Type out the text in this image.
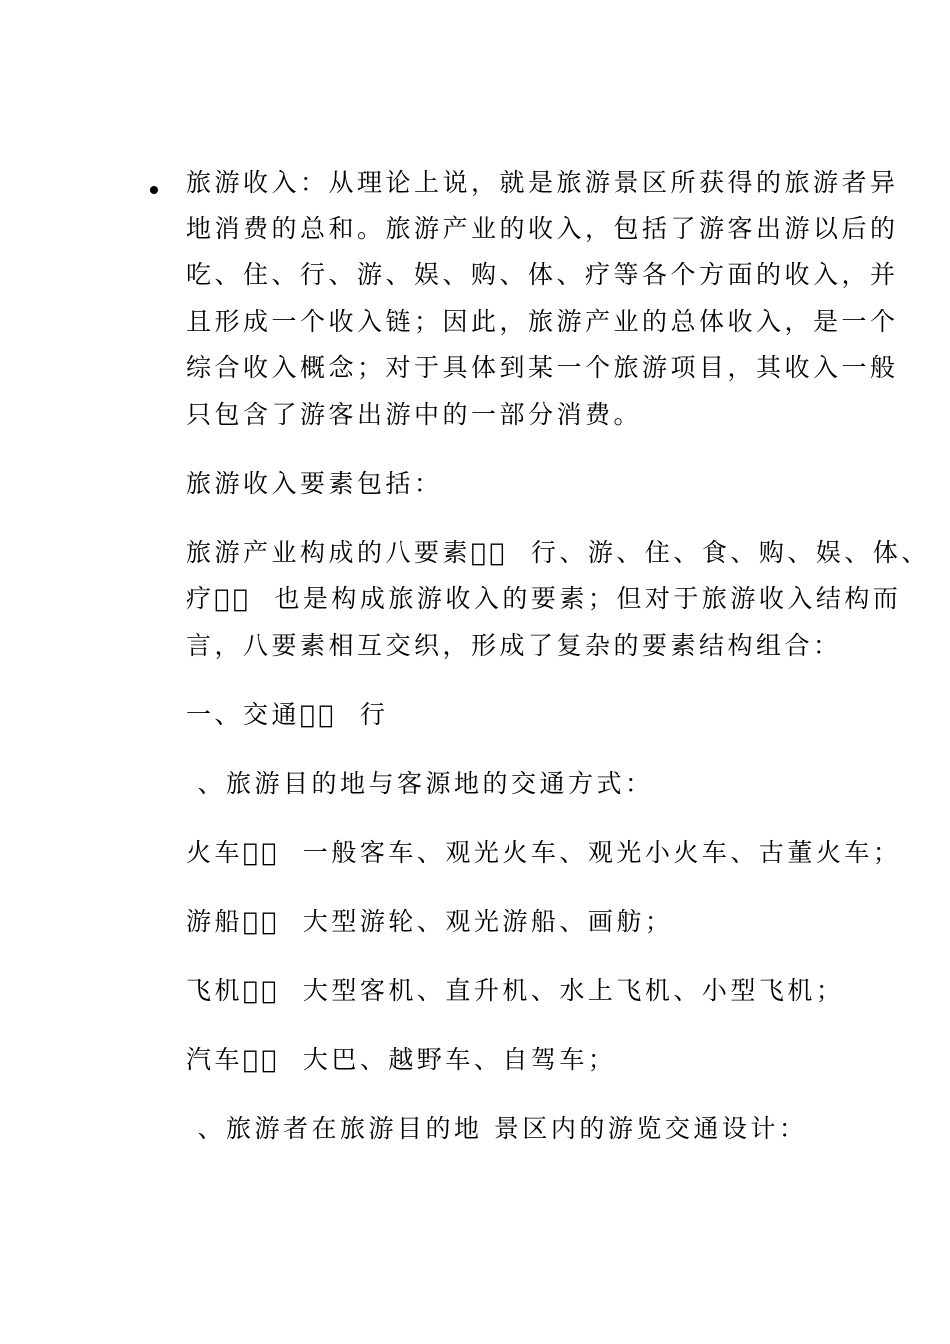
旅游收入：从理论上说，就是旅游景区所获得的旅游者异
地消费的总和。旅游产业的收入，包括了游客出游以后的
吃、住、行、游、娱、购、体、疗等各个方面的收入，并
且形成一个收入链；因此，旅游产业的总体收入，是一个
综合收入概念；对于具体到某一个旅游项目，其收入一般
只包含了游客出游中的一部分消费。
旅游收入要素包括：
旅游产业构成的八要素    行、游、住、食、购、娱、体、
疗    也是构成旅游收入的要素；但对于旅游收入结构而
言，八要素相互交织，形成了复杂的要素结构组合：
一、交通    行
、旅游目的地与客源地的交通方式：
火车    一般客车、观光火车、观光小火车、古董火车；
游船    大型游轮、观光游船、画舫；
飞机    大型客机、直升机、水上飞机、小型飞机；
汽车    大巴、越野车、自驾车；
、旅游者在旅游目的地 景区内的游览交通设计：
